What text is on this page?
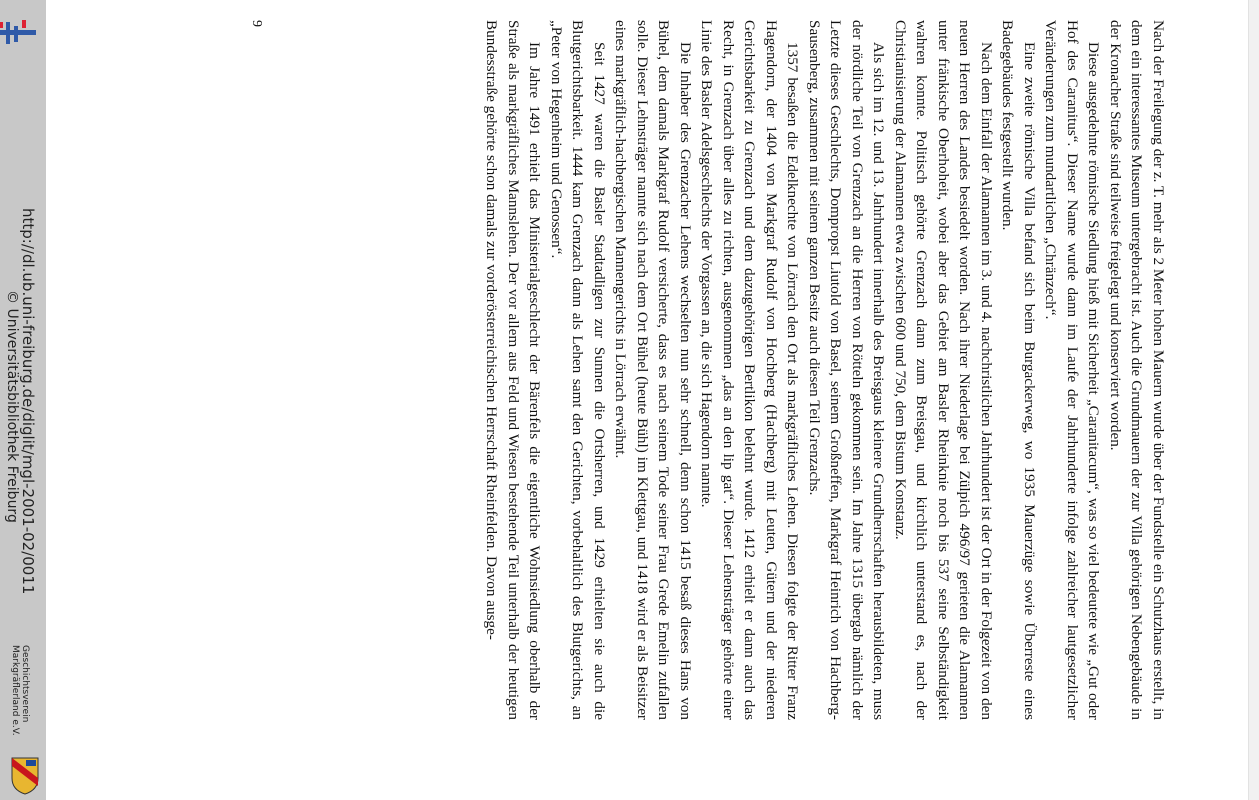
http://dl.ub.uni-freiburg.de/diglit/mgl-2001-02/0011
© Universitätsbibliothek Freiburg
Geschichtsverein
Markgräflerland e.V.	Nach der Freilegung der z. T. mehr als 2 Meter hohen Mauern wurde über der Fundstelle ein Schutzhaus erstellt, in dem ein interessantes Museum untergebracht ist. Auch die Grundmauern der zur Villa gehörigen Nebengebäude in der Kronacher Straße sind teilweise freigelegt und konserviert worden.

Diese ausgedehnte römische Siedlung hieß mit Sicherheit „Caranitacum“, was so viel bedeutete wie „Gut oder Hof des Caranitus“. Dieser Name wurde dann im Laufe der Jahrhunderte infolge zahlreicher lautgesetzlicher Veränderungen zum mundartlichen „Chränzech“.

Eine zweite römische Villa befand sich beim Burgackerweg, wo 1935 Mauerzüge sowie Überreste eines Badegebäudes festgestellt wurden.

Nach dem Einfall der Alamannen im 3. und 4. nachchristlichen Jahrhundert ist der Ort in der Folgezeit von den neuen Herren des Landes besiedelt worden. Nach ihrer Niederlage bei Zülpich 496/97 gerieten die Alamannen unter fränkische Oberhoheit, wobei aber das Gebiet am Basler Rheinknie noch bis 537 seine Selbständigkeit wahren konnte. Politisch gehörte Grenzach dann zum Breisgau, und kirchlich unterstand es, nach der Christianisierung der Alamannen etwa zwischen 600 und 750, dem Bistum Konstanz.

Als sich im 12. und 13. Jahrhundert innerhalb des Breisgaus kleinere Grundherrschaften herausbildeten, muss der nördliche Teil von Grenzach an die Herren von Rötteln gekommen sein. Im Jahre 1315 übergab nämlich der Letzte dieses Geschlechts, Dompropst Liutold von Basel, seinem Großneffen, Markgraf Heinrich von Hachberg-Sausenberg, zusammen mit seinem ganzen Besitz auch diesen Teil Grenzachs.

1357 besaßen die Edelknechte von Lörrach den Ort als markgräfliches Lehen. Diesen folgte der Ritter Franz Hagendorn, der 1404 von Markgraf Rudolf von Hochberg (Hachberg) mit Leuten, Gütern und der niederen Gerichtsbarkeit zu Grenzach und dem dazugehörigen Bertlikon belehnt wurde. 1412 erhielt er dann auch das Recht, in Grenzach über alles zu richten, ausgenommen „das an den lip gat“. Dieser Lehensträger gehörte einer Linie des Basler Adelsgeschlechts der Vorgassen an, die sich Hagendorn nannte.

Die Inhaber des Grenzacher Lehens wechselten nun sehr schnell, denn schon 1415 besaß dieses Hans von Bühel, dem damals Markgraf Rudolf versicherte, dass es nach seinem Tode seiner Frau Grede Emelin zufallen solle. Dieser Lehnsträger nannte sich nach dem Ort Bühel (heute Bühl) im Klettgau, und 1418 wird er als Beisitzer eines markgräflich-hachbergischen Mannengerichts in Lörrach erwähnt.

Seit 1427 waren die Basler Stadtadligen zur Sunnen die Ortsherren, und 1429 erhielten sie auch die Blutgerichtsbarkeit. 1444 kam Grenzach dann als Lehen samt den Gerichten, vorbehaltlich des Blutgerichts, an „Peter von Hegenheim und Genossen“.

Im Jahre 1491 erhielt das Ministerialgeschlecht der Bärenfels die eigentliche Wohnsiedlung oberhalb der Straße als markgräfliches Mannslehen. Der vor allem aus Feld und Wiesen bestehende Teil unterhalb der heutigen Bundesstraße gehörte schon damals zur vorderösterreichischen Herrschaft Rheinfelden. Davon ausge-

9
